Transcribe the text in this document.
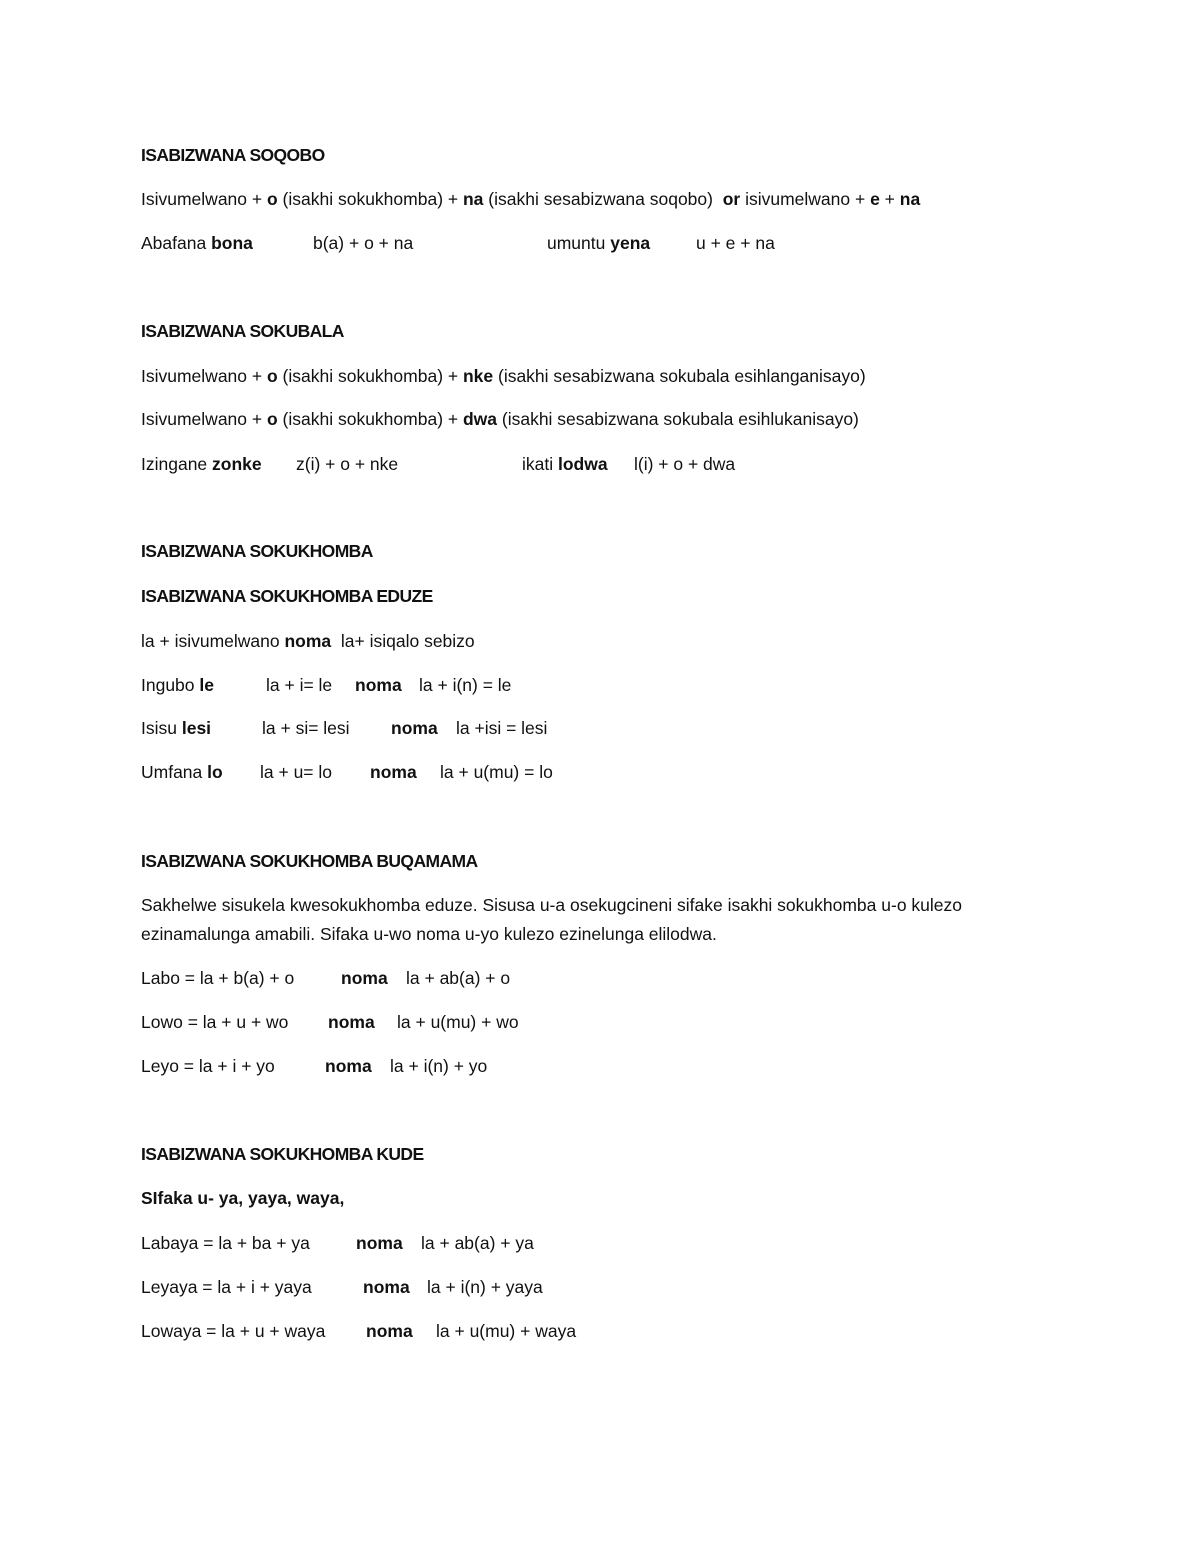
ISABIZWANA SOQOBO
Isivumelwano + o (isakhi sokukhomba) + na (isakhi sesabizwana soqobo)  or isivumelwano + e + na
Abafana bona	b(a) + o + na	umuntu yena	u + e + na
ISABIZWANA SOKUBALA
Isivumelwano + o (isakhi sokukhomba) + nke (isakhi sesabizwana sokubala esihlanganisayo)
Isivumelwano + o (isakhi sokukhomba) + dwa (isakhi sesabizwana sokubala esihlukanisayo)
Izingane zonke z(i) + o + nke	ikati lodwa l(i) + o + dwa
ISABIZWANA SOKUKHOMBA
ISABIZWANA SOKUKHOMBA EDUZE
la + isivumelwano noma  la+ isiqalo sebizo
Ingubo le	la + i= le noma la + i(n) = le
Isisu lesi	la + si= lesi noma la +isi = lesi
Umfana lo la + u= lo noma la + u(mu) = lo
ISABIZWANA SOKUKHOMBA BUQAMAMA
Sakhelwe sisukela kwesokukhomba eduze. Sisusa u-a osekugcineni sifake isakhi sokukhomba u-o kulezo ezinamalunga amabili. Sifaka u-wo noma u-yo kulezo ezinelunga elilodwa.
Labo = la + b(a) + o	noma la + ab(a) + o
Lowo = la + u + wo noma la + u(mu) + wo
Leyo = la + i + yo	noma la + i(n) + yo
ISABIZWANA SOKUKHOMBA KUDE
SIfaka u- ya, yaya, waya,
Labaya = la + ba + ya	noma la + ab(a) + ya
Leyaya = la + i + yaya	noma la + i(n) + yaya
Lowaya = la + u + waya noma la + u(mu) + waya
